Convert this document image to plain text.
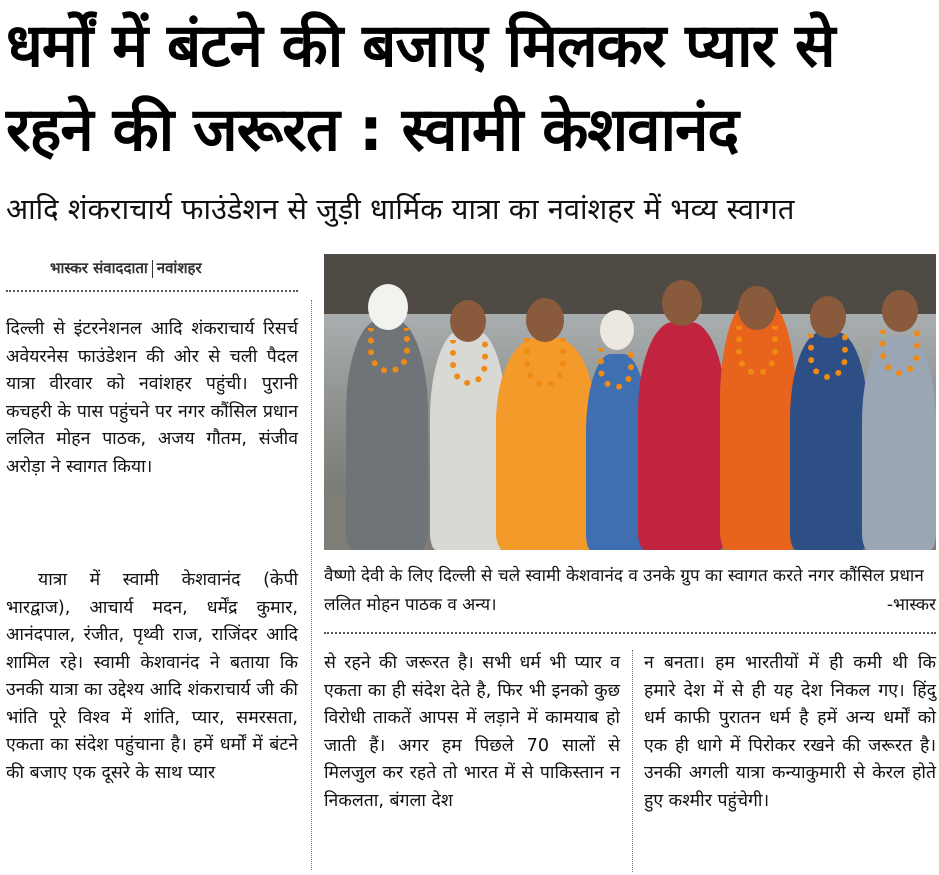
धर्मों में बंटने की बजाए मिलकर प्यार से रहने की जरूरत : स्वामी केशवानंद
आदि शंकराचार्य फाउंडेशन से जुड़ी धार्मिक यात्रा का नवांशहर में भव्य स्वागत
भास्कर संवाददाता नवांशहर

दिल्ली से इंटरनेशनल आदि शंकराचार्य रिसर्च अवेयरनेस फाउंडेशन की ओर से चली पैदल यात्रा वीरवार को नवांशहर पहुंची। पुरानी कचहरी के पास पहुंचने पर नगर कौंसिल प्रधान ललित मोहन पाठक, अजय गौतम, संजीव अरोड़ा ने स्वागत किया।

यात्रा में स्वामी केशवानंद (केपी भारद्वाज), आचार्य मदन, धर्मेंद्र कुमार, आनंदपाल, रंजीत, पृथ्वी राज, राजिंदर आदि शामिल रहे। स्वामी केशवानंद ने बताया कि उनकी यात्रा का उद्देश्य आदि शंकराचार्य जी की भांति पूरे विश्व में शांति, प्यार, समरसता, एकता का संदेश पहुंचाना है। हमें धर्मों में बंटने की बजाए एक दूसरे के साथ प्यार

वैष्णो देवी के लिए दिल्ली से चले स्वामी केशवानंद व उनके ग्रुप का स्वागत करते नगर कौंसिल प्रधान ललित मोहन पाठक व अन्य।	-भास्कर

से रहने की जरूरत है। सभी धर्म भी प्यार व एकता का ही संदेश देते है, फिर भी इनको कुछ विरोधी ताकतें आपस में लड़ाने में कामयाब हो जाती हैं। अगर हम पिछले 70 सालों से मिलजुल कर रहते तो भारत में से पाकिस्तान न निकलता, बंगला देश

न बनता। हम भारतीयों में ही कमी थी कि हमारे देश में से ही यह देश निकल गए। हिंदु धर्म काफी पुरातन धर्म है हमें अन्य धर्मों को एक ही धागे में पिरोकर रखने की जरूरत है। उनकी अगली यात्रा कन्याकुमारी से केरल होते हुए कश्मीर पहुंचेगी।
